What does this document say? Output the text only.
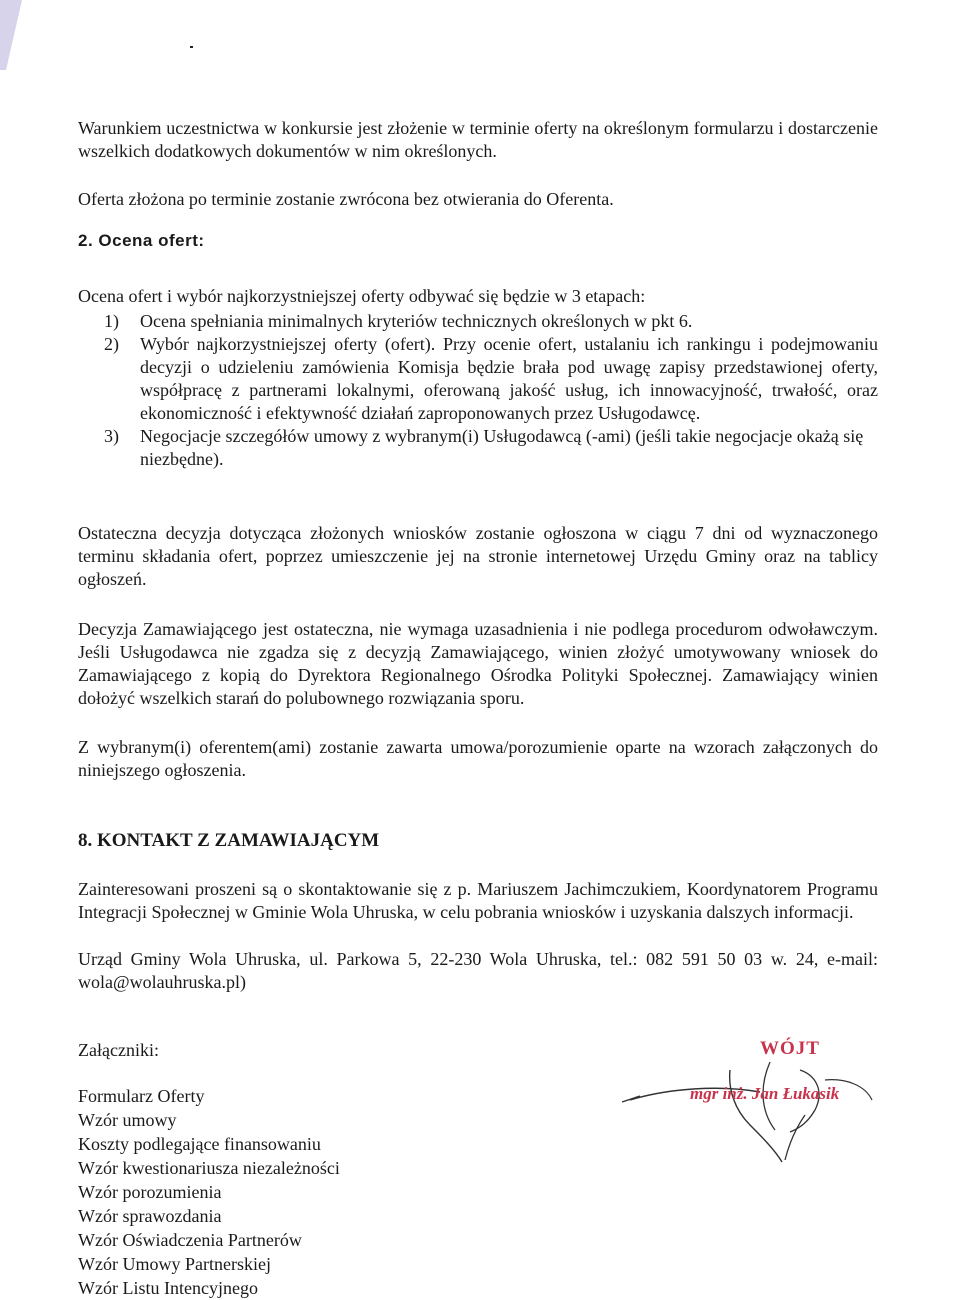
Warunkiem uczestnictwa w konkursie jest złożenie w terminie oferty na określonym formularzu i dostarczenie wszelkich dodatkowych dokumentów w nim określonych.

Oferta złożona po terminie zostanie zwrócona bez otwierania do Oferenta.

2. Ocena ofert:

Ocena ofert i wybór najkorzystniejszej oferty odbywać się będzie w 3 etapach:

1) Ocena spełniania minimalnych kryteriów technicznych określonych w pkt 6.
2) Wybór najkorzystniejszej oferty (ofert). Przy ocenie ofert, ustalaniu ich rankingu i podejmowaniu decyzji o udzieleniu zamówienia Komisja będzie brała pod uwagę zapisy przedstawionej oferty, współpracę z partnerami lokalnymi, oferowaną jakość usług, ich innowacyjność, trwałość, oraz ekonomiczność i efektywność działań zaproponowanych przez Usługodawcę.
3) Negocjacje szczegółów umowy z wybranym(i) Usługodawcą (-ami) (jeśli takie negocjacje okażą się niezbędne).

Ostateczna decyzja dotycząca złożonych wniosków zostanie ogłoszona w ciągu 7 dni od wyznaczonego terminu składania ofert, poprzez umieszczenie jej na stronie internetowej Urzędu Gminy oraz na tablicy ogłoszeń.

Decyzja Zamawiającego jest ostateczna, nie wymaga uzasadnienia i nie podlega procedurom odwoławczym. Jeśli Usługodawca nie zgadza się z decyzją Zamawiającego, winien złożyć umotywowany wniosek do Zamawiającego z kopią do Dyrektora Regionalnego Ośrodka Polityki Społecznej. Zamawiający winien dołożyć wszelkich starań do polubownego rozwiązania sporu.

Z wybranym(i) oferentem(ami) zostanie zawarta umowa/porozumienie oparte na wzorach załączonych do niniejszego ogłoszenia.

8. KONTAKT Z ZAMAWIAJĄCYM

Zainteresowani proszeni są o skontaktowanie się z p. Mariuszem Jachimczukiem, Koordynatorem Programu Integracji Społecznej w Gminie Wola Uhruska, w celu pobrania wniosków i uzyskania dalszych informacji.

Urząd Gminy Wola Uhruska, ul. Parkowa 5, 22-230 Wola Uhruska, tel.: 082 591 50 03 w. 24, e-mail: wola@wolauhruska.pl)

Załączniki:

Formularz Oferty
Wzór umowy
Koszty podlegające finansowaniu
Wzór kwestionariusza niezależności
Wzór porozumienia
Wzór sprawozdania
Wzór Oświadczenia Partnerów
Wzór Umowy Partnerskiej
Wzór Listu Intencyjnego

WÓJT

mgr inż. Jan Łukasik
